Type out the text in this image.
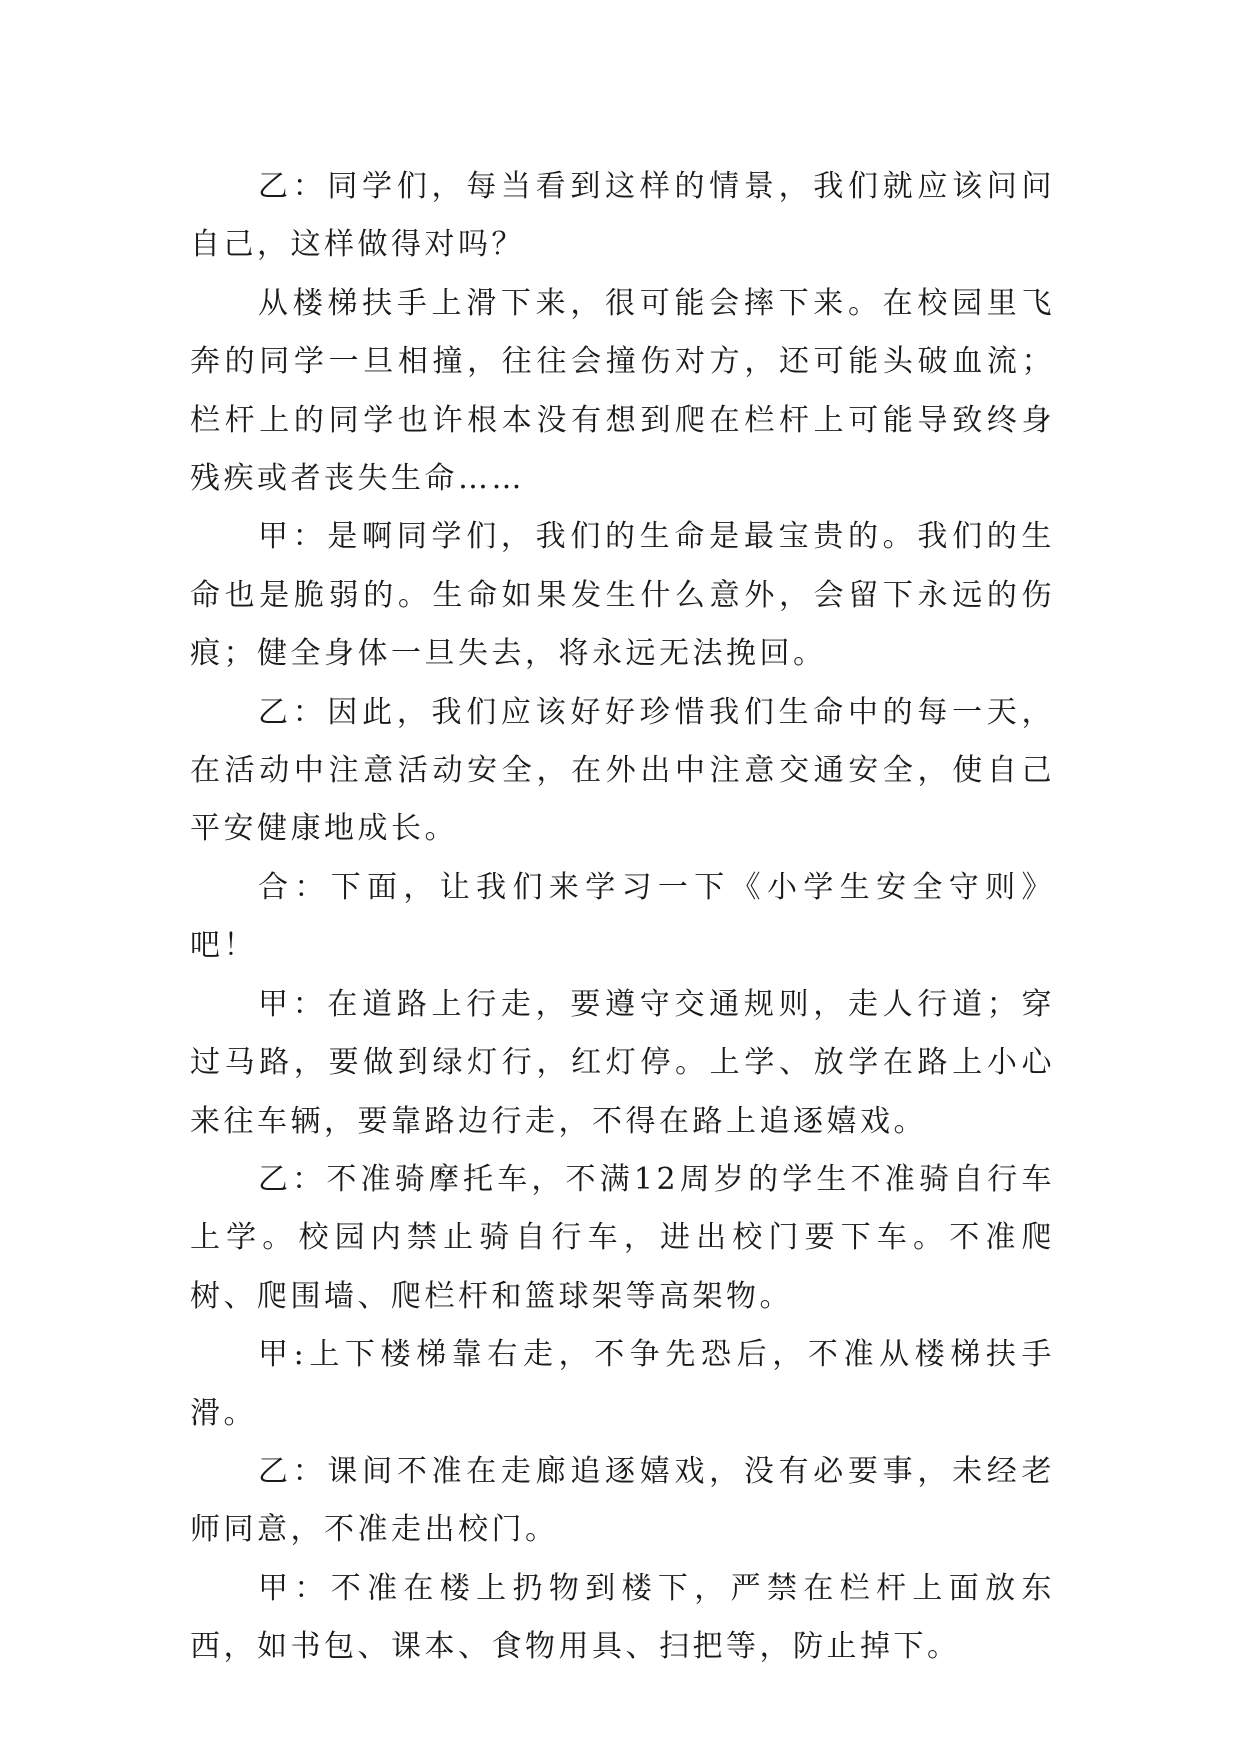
乙：同学们，每当看到这样的情景，我们就应该问问自己，这样做得对吗？

从楼梯扶手上滑下来，很可能会摔下来。在校园里飞奔的同学一旦相撞，往往会撞伤对方，还可能头破血流；栏杆上的同学也许根本没有想到爬在栏杆上可能导致终身残疾或者丧失生命……

甲：是啊同学们，我们的生命是最宝贵的。我们的生命也是脆弱的。生命如果发生什么意外，会留下永远的伤痕；健全身体一旦失去，将永远无法挽回。

乙：因此，我们应该好好珍惜我们生命中的每一天，在活动中注意活动安全，在外出中注意交通安全，使自己平安健康地成长。

合：下面，让我们来学习一下《小学生安全守则》吧！

甲：在道路上行走，要遵守交通规则，走人行道；穿过马路，要做到绿灯行，红灯停。上学、放学在路上小心来往车辆，要靠路边行走，不得在路上追逐嬉戏。

乙：不准骑摩托车，不满12周岁的学生不准骑自行车上学。校园内禁止骑自行车，进出校门要下车。不准爬树、爬围墙、爬栏杆和篮球架等高架物。

甲:上下楼梯靠右走，不争先恐后，不准从楼梯扶手滑。

乙：课间不准在走廊追逐嬉戏，没有必要事，未经老师同意，不准走出校门。

甲：不准在楼上扔物到楼下，严禁在栏杆上面放东西，如书包、课本、食物用具、扫把等，防止掉下。
